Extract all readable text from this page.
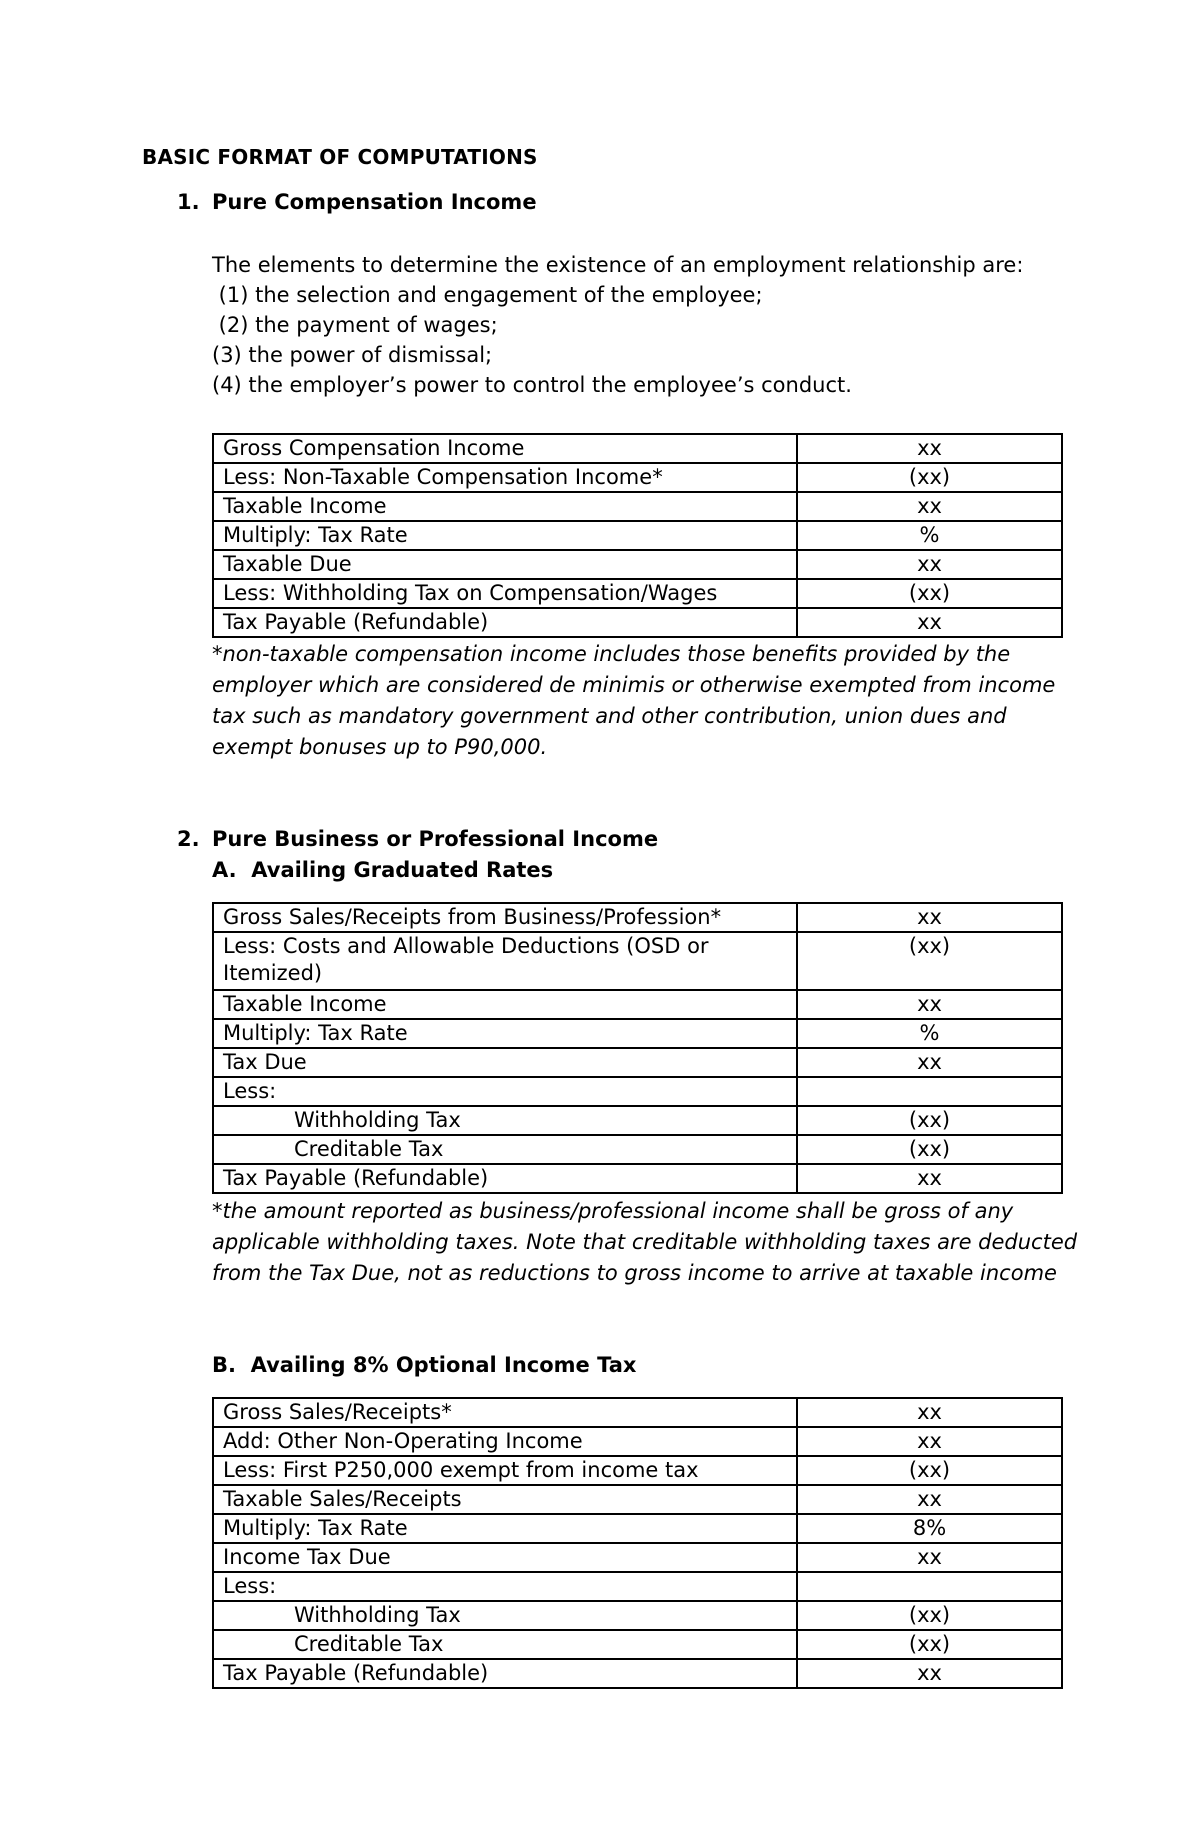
BASIC FORMAT OF COMPUTATIONS
1. Pure Compensation Income
The elements to determine the existence of an employment relationship are:
(1) the selection and engagement of the employee;
(2) the payment of wages;
(3) the power of dismissal;
(4) the employer’s power to control the employee’s conduct.
Gross Compensation Income	xx
Less: Non-Taxable Compensation Income*	(xx)
Taxable Income	xx
Multiply: Tax Rate	%
Taxable Due	xx
Less: Withholding Tax on Compensation/Wages	(xx)
Tax Payable (Refundable)	xx
*non-taxable compensation income includes those benefits provided by the
employer which are considered de minimis or otherwise exempted from income
tax such as mandatory government and other contribution, union dues and
exempt bonuses up to P90,000.
2. Pure Business or Professional Income
A. Availing Graduated Rates
Gross Sales/Receipts from Business/Profession*	xx
Less: Costs and Allowable Deductions (OSD or Itemized)	(xx)
Taxable Income	xx
Multiply: Tax Rate	%
Tax Due	xx
Less:	
Withholding Tax	(xx)
Creditable Tax	(xx)
Tax Payable (Refundable)	xx
*the amount reported as business/professional income shall be gross of any
applicable withholding taxes. Note that creditable withholding taxes are deducted
from the Tax Due, not as reductions to gross income to arrive at taxable income
B. Availing 8% Optional Income Tax
Gross Sales/Receipts*	xx
Add: Other Non-Operating Income	xx
Less: First P250,000 exempt from income tax	(xx)
Taxable Sales/Receipts	xx
Multiply: Tax Rate	8%
Income Tax Due	xx
Less:	
Withholding Tax	(xx)
Creditable Tax	(xx)
Tax Payable (Refundable)	xx
